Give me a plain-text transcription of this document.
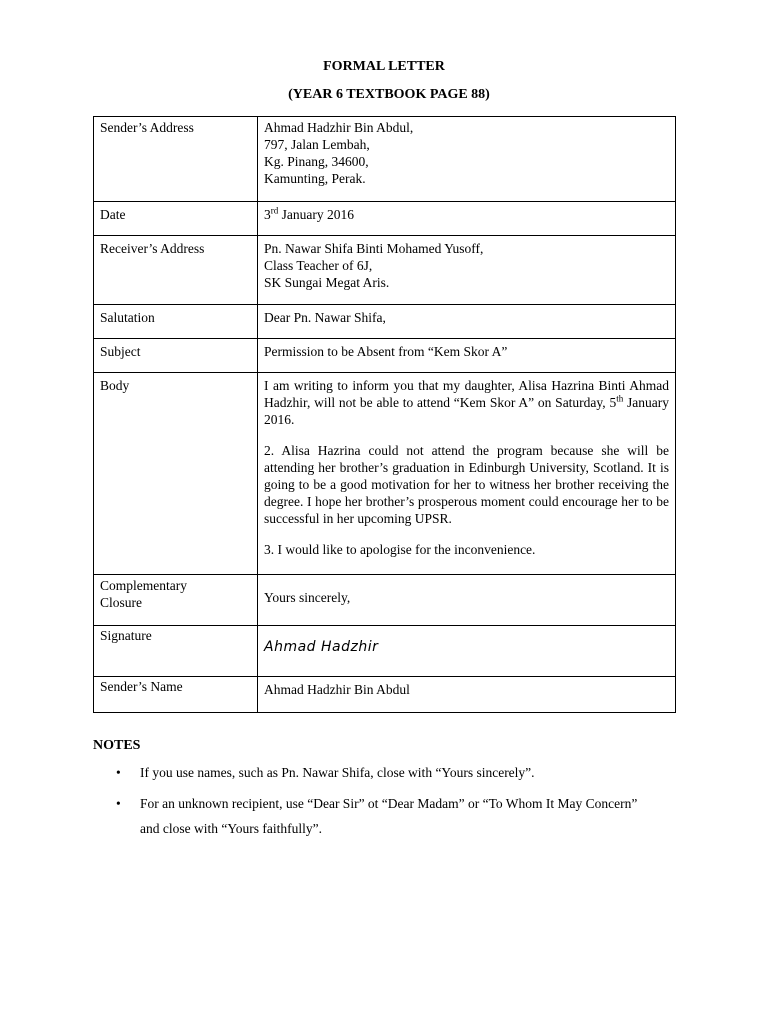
FORMAL LETTER
(YEAR 6 TEXTBOOK PAGE 88)
Sender’s Address	Ahmad Hadzhir Bin Abdul,
797, Jalan Lembah,
Kg. Pinang, 34600,
Kamunting, Perak.

Date	3rd January 2016
Receiver’s Address	Pn. Nawar Shifa Binti Mohamed Yusoff,
Class Teacher of 6J,
SK Sungai Megat Aris.

Salutation	Dear Pn. Nawar Shifa,
Subject	Permission to be Absent from “Kem Skor A”
Body	I am writing to inform you that my daughter, Alisa Hazrina Binti Ahmad Hadzhir, will not be able to attend “Kem Skor A” on Saturday, 5th January 2016.

2. Alisa Hazrina could not attend the program because she will be attending her brother’s graduation in Edinburgh University, Scotland. It is going to be a good motivation for her to witness her brother receiving the degree. I hope her brother’s prosperous moment could encourage her to be successful in her upcoming UPSR.

3. I would like to apologise for the inconvenience.

Complementary
Closure	Yours sincerely,
Signature	Ahmad Hadzhir

Sender’s Name	Ahmad Hadzhir Bin Abdul
NOTES
• If you use names, such as Pn. Nawar Shifa, close with “Yours sincerely”.
• For an unknown recipient, use “Dear Sir” ot “Dear Madam” or “To Whom It May Concern” and close with “Yours faithfully”.
